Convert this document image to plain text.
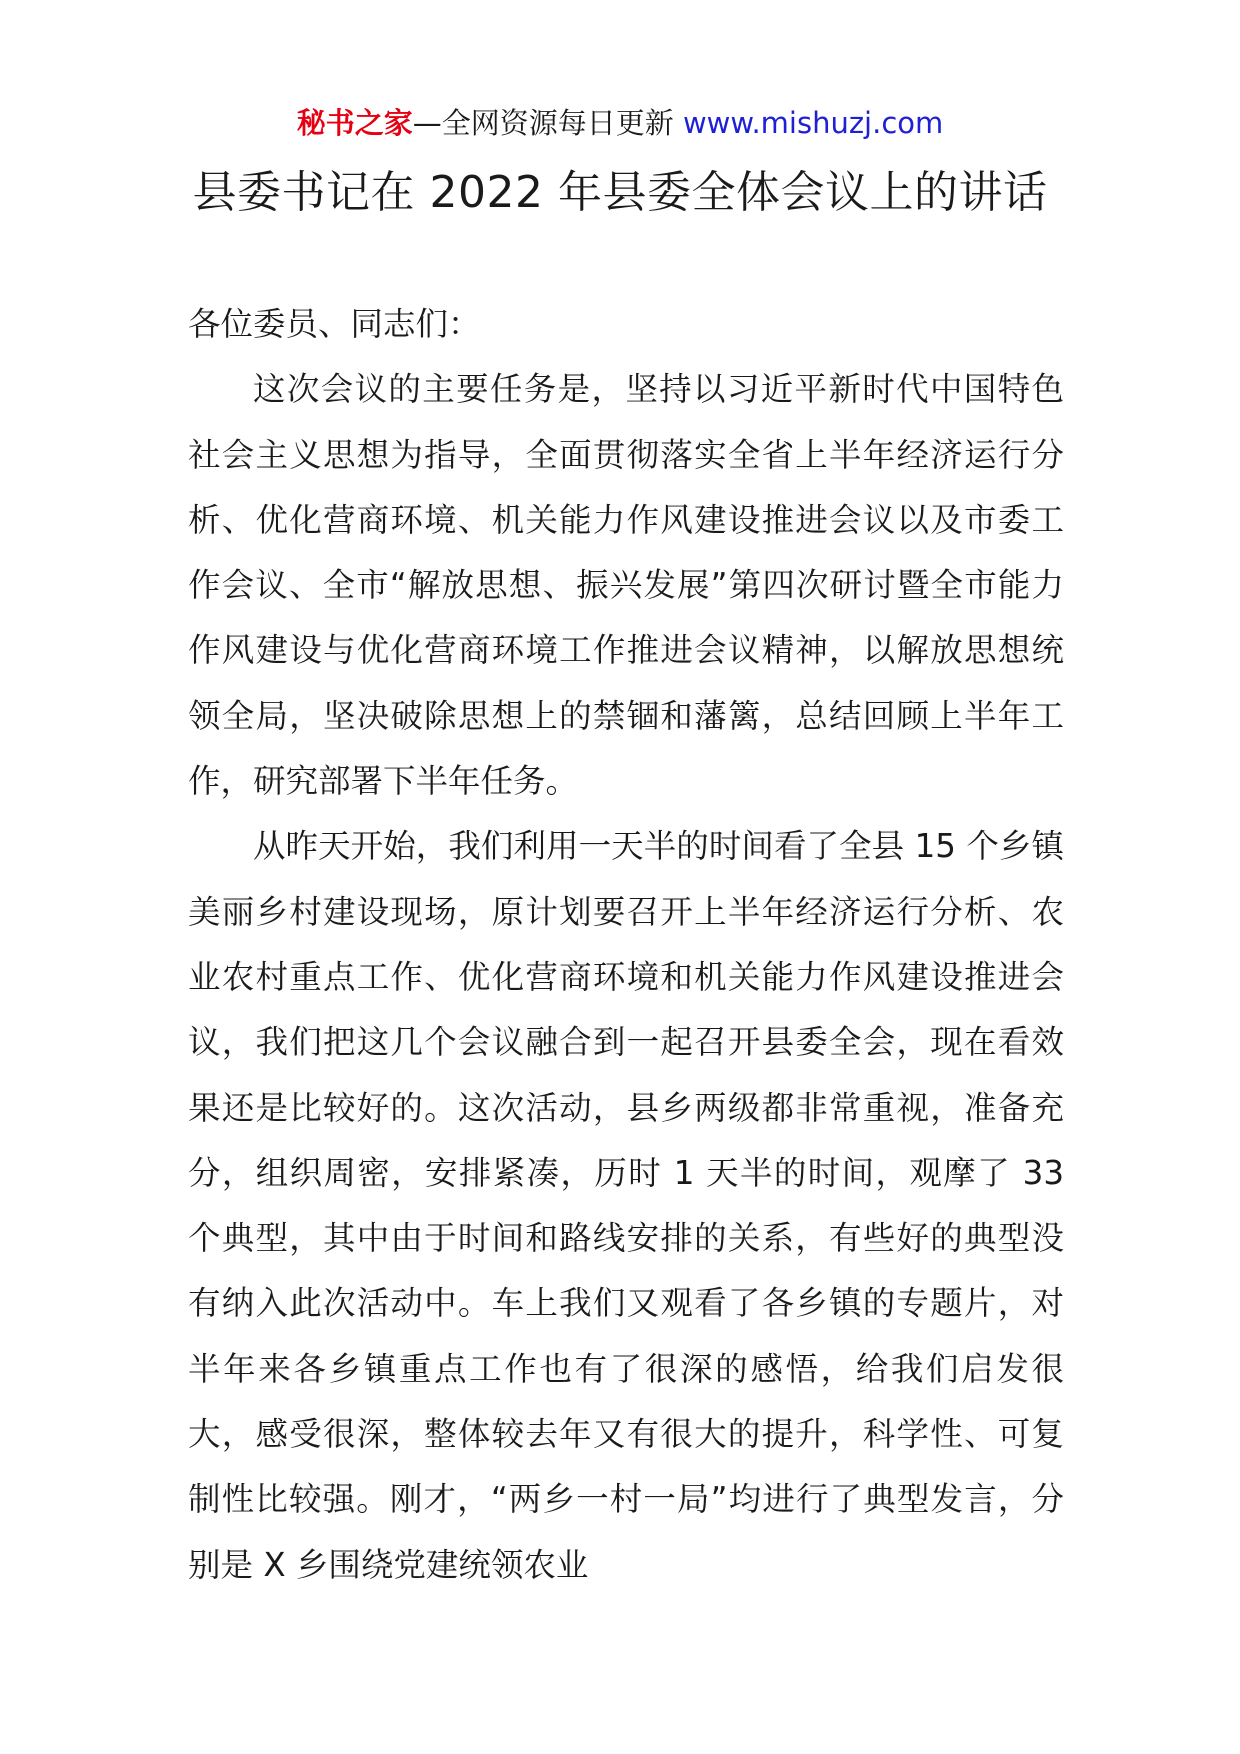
秘书之家—全网资源每日更新 www.mishuzj.com
县委书记在 2022 年县委全体会议上的讲话

各位委员、同志们：

这次会议的主要任务是，坚持以习近平新时代中国特色社会主义思想为指导，全面贯彻落实全省上半年经济运行分析、优化营商环境、机关能力作风建设推进会议以及市委工作会议、全市“解放思想、振兴发展”第四次研讨暨全市能力作风建设与优化营商环境工作推进会议精神，以解放思想统领全局，坚决破除思想上的禁锢和藩篱，总结回顾上半年工作，研究部署下半年任务。

从昨天开始，我们利用一天半的时间看了全县 15 个乡镇美丽乡村建设现场，原计划要召开上半年经济运行分析、农业农村重点工作、优化营商环境和机关能力作风建设推进会议，我们把这几个会议融合到一起召开县委全会，现在看效果还是比较好的。这次活动，县乡两级都非常重视，准备充分，组织周密，安排紧凑，历时 1 天半的时间，观摩了 33 个典型，其中由于时间和路线安排的关系，有些好的典型没有纳入此次活动中。车上我们又观看了各乡镇的专题片，对半年来各乡镇重点工作也有了很深的感悟，给我们启发很大，感受很深，整体较去年又有很大的提升，科学性、可复制性比较强。刚才，“两乡一村一局”均进行了典型发言，分别是 X 乡围绕党建统领农业
